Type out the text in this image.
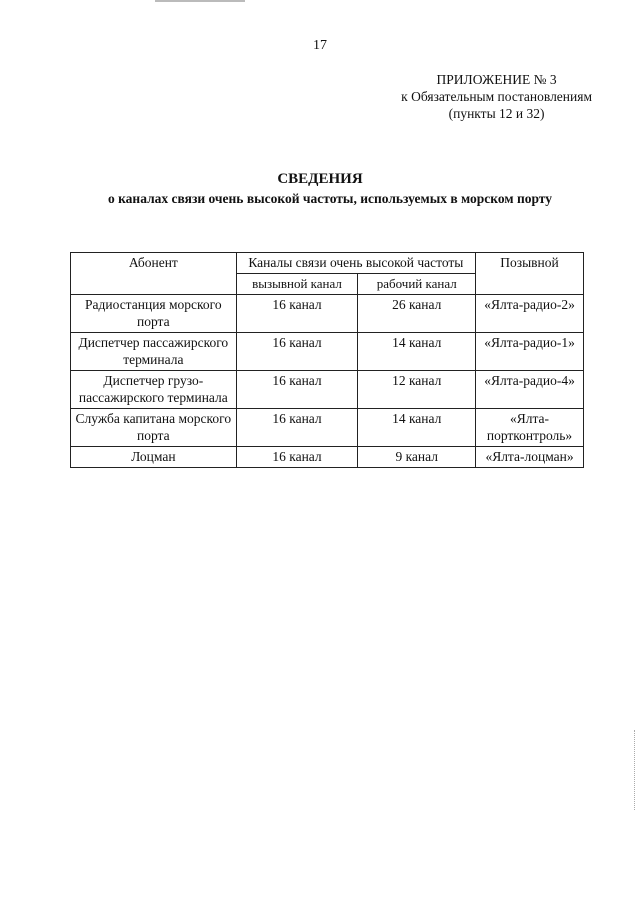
17
ПРИЛОЖЕНИЕ № 3
к Обязательным постановлениям
(пункты 12 и 32)
СВЕДЕНИЯ
о каналах связи очень высокой частоты, используемых в морском порту
Абонент	Каналы связи очень высокой частоты		Позывной
	вызывной канал	рабочий канал	
Радиостанция морского порта	16 канал	26 канал	«Ялта-радио-2»
Диспетчер пассажирского терминала	16 канал	14 канал	«Ялта-радио-1»
Диспетчер грузо-пассажирского терминала	16 канал	12 канал	«Ялта-радио-4»
Служба капитана морского порта	16 канал	14 канал	«Ялта-портконтроль»
Лоцман	16 канал	9 канал	«Ялта-лоцман»
